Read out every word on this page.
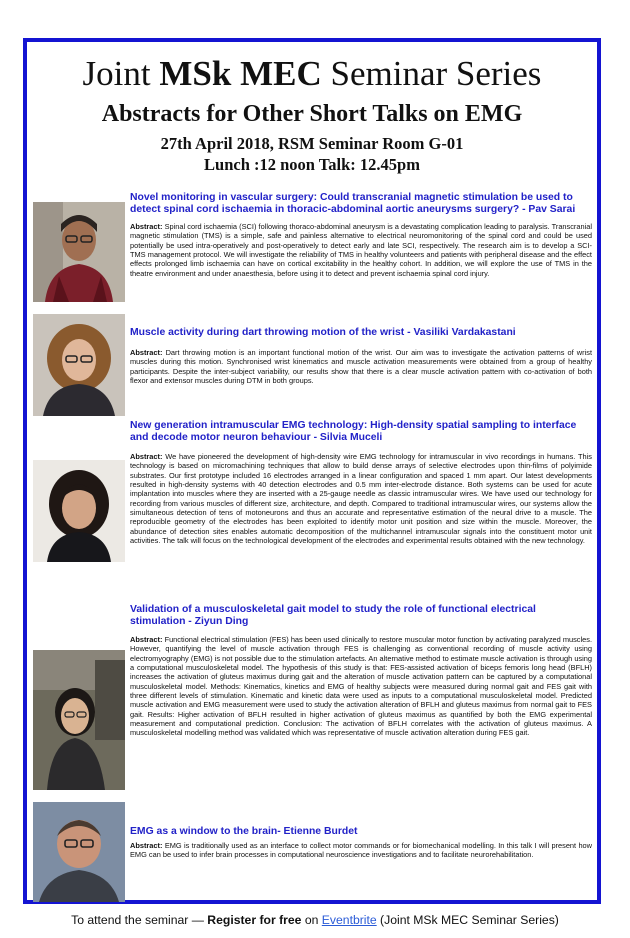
Joint MSk MEC Seminar Series
Abstracts for Other Short Talks on EMG
27th April 2018, RSM Seminar Room G-01
Lunch :12 noon Talk: 12.45pm
Novel monitoring in vascular surgery: Could transcranial magnetic stimulation be used to detect spinal cord ischaemia in thoracic-abdominal aortic aneurysms surgery? - Pav Sarai
Abstract: Spinal cord ischaemia (SCI) following thoraco-abdominal aneurysm is a devastating complication leading to paralysis. Transcranial magnetic stimulation (TMS) is a simple, safe and painless alternative to electrical neuromonitoring of the spinal cord and could be used potentially be used intra-operatively and post-operatively to detect early and late SCI, respectively. The research aim is to develop a SCI-TMS management protocol. We will investigate the reliability of TMS in healthy volunteers and patients with peripheral disease and the effect effects prolonged limb ischaemia can have on cortical excitability in the healthy cohort. In addition, we will explore the use of TMS in the theatre environment and under anaesthesia, before using it to detect and prevent ischaemia spinal cord injury.
Muscle activity during dart throwing motion of the wrist - Vasiliki Vardakastani
Abstract: Dart throwing motion is an important functional motion of the wrist. Our aim was to investigate the activation patterns of wrist muscles during this motion. Synchronised wrist kinematics and muscle activation measurements were obtained from a group of healthy participants. Despite the inter-subject variability, our results show that there is a clear muscle activation pattern with co-activation of both flexor and extensor muscles during DTM in both groups.
New generation intramuscular EMG technology: High-density spatial sampling to interface and decode motor neuron behaviour - Silvia Muceli
Abstract: We have pioneered the development of high-density wire EMG technology for intramuscular in vivo recordings in humans. This technology is based on micromachining techniques that allow to build dense arrays of selective electrodes upon thin-films of polyimide substrates. Our first prototype included 16 electrodes arranged in a linear configuration and spaced 1 mm apart. Our latest developments resulted in high-density systems with 40 detection electrodes and 0.5 mm inter-electrode distance. Both systems can be used for acute implantation into muscles where they are inserted with a 25-gauge needle as classic intramuscular wires. We have used our technology for recording from various muscles of different size, architecture, and depth. Compared to traditional intramuscular wires, our systems allow the simultaneous detection of tens of motoneurons and thus an accurate and representative estimation of the neural drive to a muscle. The reproducible geometry of the electrodes has been exploited to identify motor unit position and size within the muscle. Moreover, the abundance of detection sites enables automatic decomposition of the multichannel intramuscular signals into the constituent motor unit activities. The talk will focus on the technological development of the electrodes and experimental results obtained with the new technology.
Validation of a musculoskeletal gait model to study the role of functional electrical stimulation - Ziyun Ding
Abstract: Functional electrical stimulation (FES) has been used clinically to restore muscular motor function by activating paralyzed muscles. However, quantifying the level of muscle activation through FES is challenging as conventional recording of muscle activity using electromyography (EMG) is not possible due to the stimulation artefacts. An alternative method to estimate muscle activation is through using a computational musculoskeletal model. The hypothesis of this study is that: FES-assisted activation of biceps femoris long head (BFLH) increases the activation of gluteus maximus during gait and the alteration of muscle activation pattern can be captured by a computational musculoskeletal model. Methods: Kinematics, kinetics and EMG of healthy subjects were measured during normal gait and FES gait with three different levels of stimulation. Kinematic and kinetic data were used as inputs to a computational musculoskeletal model. Predicted muscle activation and EMG measurement were used to study the activation alteration of BFLH and gluteus maximus from normal gait to FES gait. Results: Higher activation of BFLH resulted in higher activation of gluteus maximus as quantified by both the EMG experimental measurement and computational prediction. Conclusion: The activation of BFLH correlates with the activation of gluteus maximus. A musculoskeletal modelling method was validated which was representative of muscle activation alteration during FES gait.
EMG as a window to the brain- Etienne Burdet
Abstract: EMG is traditionally used as an interface to collect motor commands or for biomechanical modelling. In this talk I will present how EMG can be used to infer brain processes in computational neuroscience investigations and to facilitate neurorehabilitation.
To attend the seminar — Register for free on Eventbrite (Joint MSk MEC Seminar Series)
